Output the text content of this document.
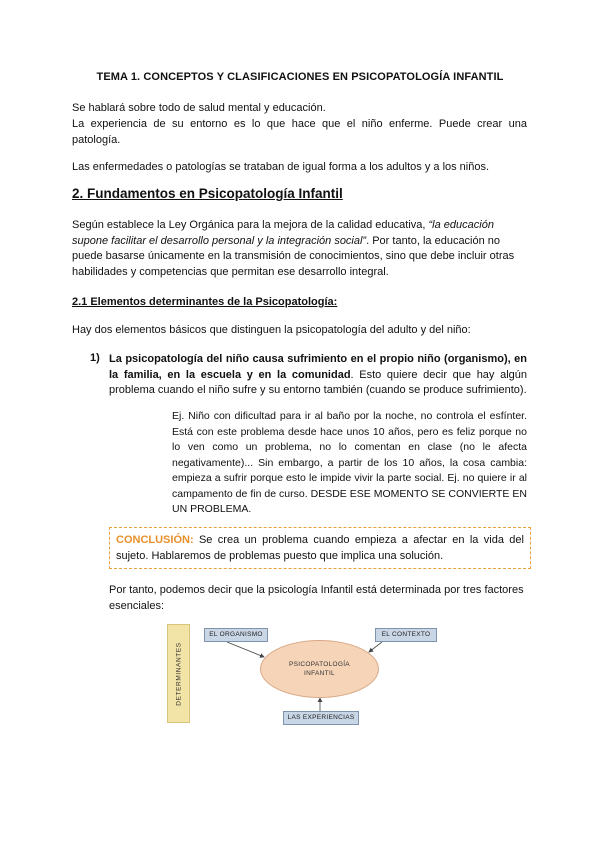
TEMA 1. CONCEPTOS Y CLASIFICACIONES EN PSICOPATOLOGÍA INFANTIL

Se hablará sobre todo de salud mental y educación.

La experiencia de su entorno es lo que hace que el niño enferme. Puede crear una patología.

Las enfermedades o patologías se trataban de igual forma a los adultos y a los niños.

2. Fundamentos en Psicopatología Infantil

Según establece la Ley Orgánica para la mejora de la calidad educativa, “la educación supone facilitar el desarrollo personal y la integración social”. Por tanto, la educación no puede basarse únicamente en la transmisión de conocimientos, sino que debe incluir otras habilidades y competencias que permitan ese desarrollo integral.

2.1 Elementos determinantes de la Psicopatología:

Hay dos elementos básicos que distinguen la psicopatología del adulto y del niño:

1) La psicopatología del niño causa sufrimiento en el propio niño (organismo), en la familia, en la escuela y en la comunidad. Esto quiere decir que hay algún problema cuando el niño sufre y su entorno también (cuando se produce sufrimiento).

Ej. Niño con dificultad para ir al baño por la noche, no controla el esfínter. Está con este problema desde hace unos 10 años, pero es feliz porque no lo ven como un problema, no lo comentan en clase (no le afecta negativamente)... Sin embargo, a partir de los 10 años, la cosa cambia: empieza a sufrir porque esto le impide vivir la parte social. Ej. no quiere ir al campamento de fin de curso. DESDE ESE MOMENTO SE CONVIERTE EN UN PROBLEMA.

CONCLUSIÓN: Se crea un problema cuando empieza a afectar en la vida del sujeto. Hablaremos de problemas puesto que implica una solución.

Por tanto, podemos decir que la psicología Infantil está determinada por tres factores esenciales:

DETERMINANTES
EL ORGANISMO	EL CONTEXTO
LAS EXPERIENCIAS
PSICOPATOLOGÍA
INFANTIL
